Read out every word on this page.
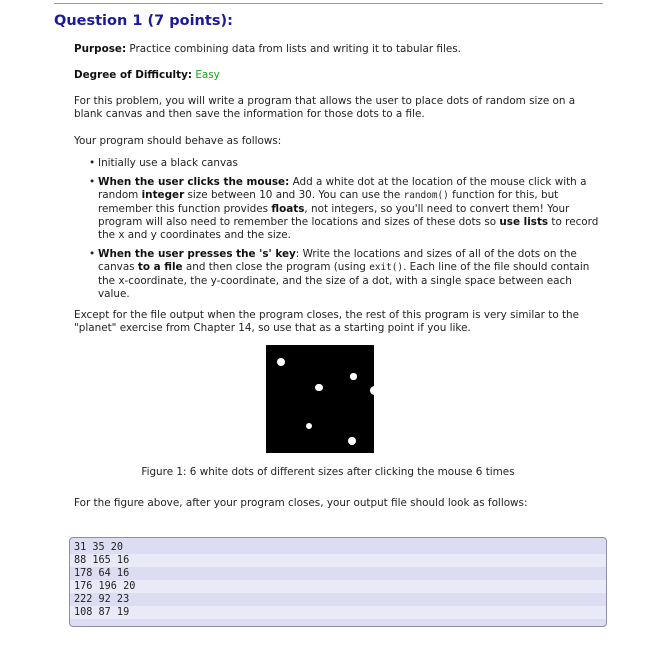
Question 1 (7 points):
Purpose: Practice combining data from lists and writing it to tabular files.
Degree of Difficulty: Easy
For this problem, you will write a program that allows the user to place dots of random size on a blank canvas and then save the information for those dots to a file.
Your program should behave as follows:
• Initially use a black canvas
• When the user clicks the mouse: Add a white dot at the location of the mouse click with a random integer size between 10 and 30. You can use the random() function for this, but remember this function provides floats, not integers, so you'll need to convert them! Your program will also need to remember the locations and sizes of these dots so use lists to record the x and y coordinates and the size.
• When the user presses the 's' key: Write the locations and sizes of all of the dots on the canvas to a file and then close the program (using exit(). Each line of the file should contain the x-coordinate, the y-coordinate, and the size of a dot, with a single space between each value.
Except for the file output when the program closes, the rest of this program is very similar to the "planet" exercise from Chapter 14, so use that as a starting point if you like.
Figure 1: 6 white dots of different sizes after clicking the mouse 6 times
For the figure above, after your program closes, your output file should look as follows:
31 35 20
88 165 16
178 64 16
176 196 20
222 92 23
108 87 19
